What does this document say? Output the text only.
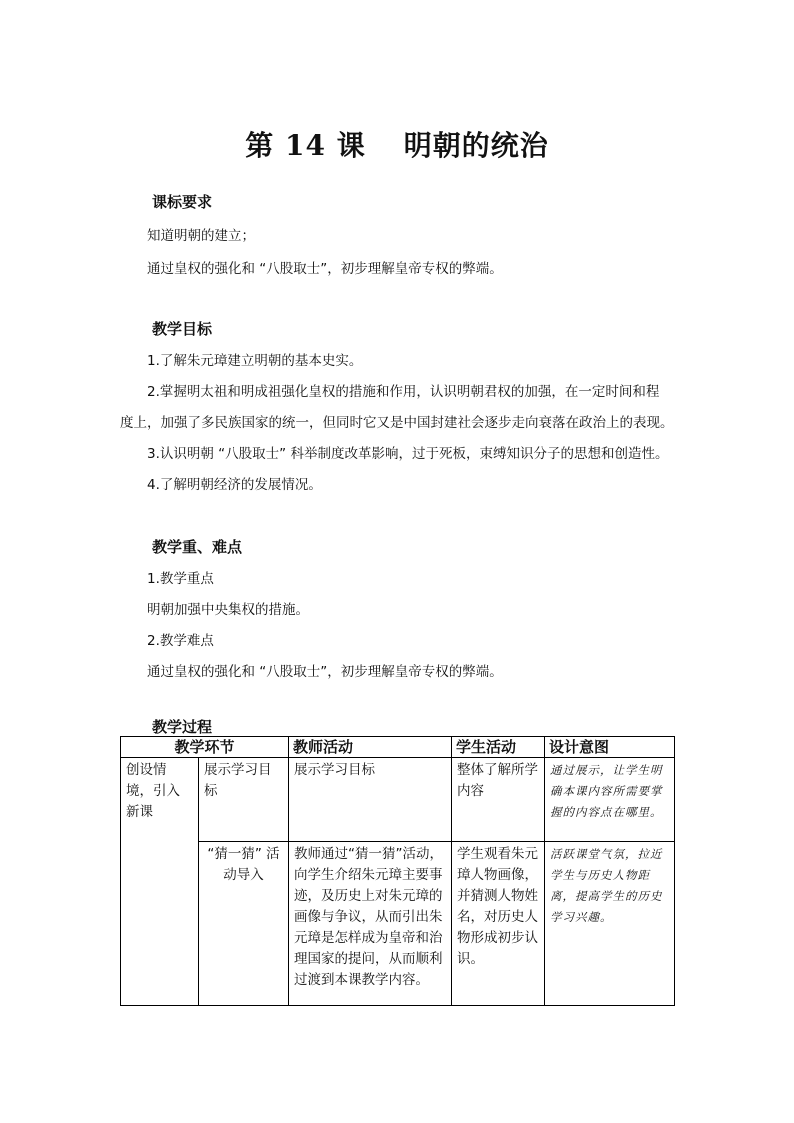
第 14 课 明朝的统治
课标要求
知道明朝的建立；
通过皇权的强化和 “八股取士”，初步理解皇帝专权的弊端。
教学目标
1.了解朱元璋建立明朝的基本史实。
2.掌握明太祖和明成祖强化皇权的措施和作用，认识明朝君权的加强，在一定时间和程
度上，加强了多民族国家的统一，但同时它又是中国封建社会逐步走向衰落在政治上的表现。
3.认识明朝 “八股取士” 科举制度改革影响，过于死板，束缚知识分子的思想和创造性。
4.了解明朝经济的发展情况。
教学重、难点
1.教学重点
明朝加强中央集权的措施。
2.教学难点
通过皇权的强化和 “八股取士”，初步理解皇帝专权的弊端。
教学过程
教学环节		教师活动	学生活动	设计意图
创设情境，引入新课	展示学习目标	展示学习目标	整体了解所学内容	通过展示，让学生明确本课内容所需要掌握的内容点在哪里。
	“猜一猜” 活动导入	教师通过“猜一猜”活动，向学生介绍朱元璋主要事迹，及历史上对朱元璋的画像与争议，从而引出朱元璋是怎样成为皇帝和治理国家的提问，从而顺利过渡到本课教学内容。	学生观看朱元璋人物画像，并猜测人物姓名，对历史人物形成初步认识。	活跃课堂气氛，拉近学生与历史人物距离，提高学生的历史学习兴趣。
